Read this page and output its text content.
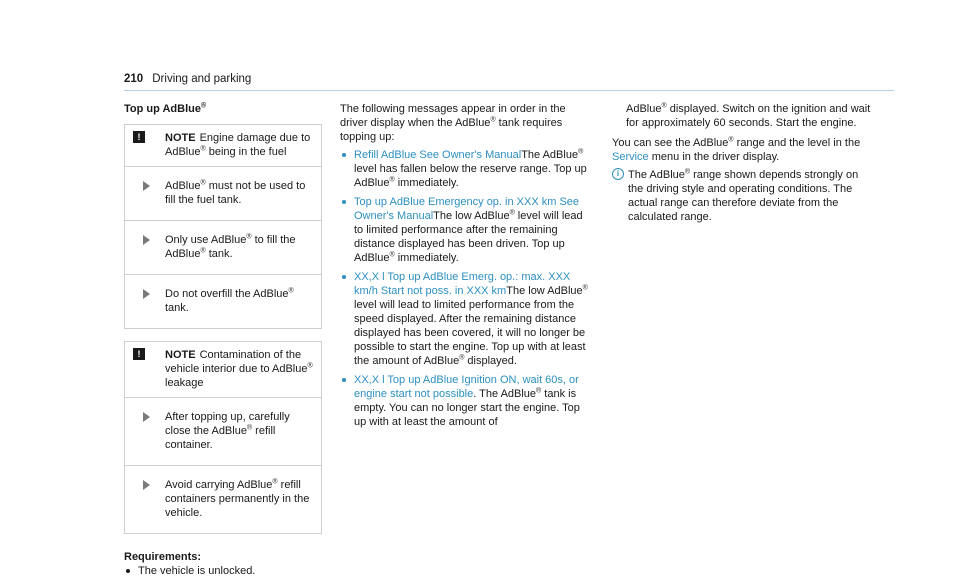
210 Driving and parking
Top up AdBlue®
!	NOTE Engine damage due to AdBlue® being in the fuel
AdBlue® must not be used to fill the fuel tank.
Only use AdBlue® to fill the AdBlue® tank.
Do not overfill the AdBlue® tank.
!	NOTE Contamination of the vehicle interior due to AdBlue® leakage
After topping up, carefully close the AdBlue® refill container.
Avoid carrying AdBlue® refill containers permanently in the vehicle.
Requirements:
The vehicle is unlocked.

The following messages appear in order in the driver display when the AdBlue® tank requires topping up:

Refill AdBlue See Owner's ManualThe AdBlue® level has fallen below the reserve range. Top up AdBlue® immediately.
Top up AdBlue Emergency op. in XXX km See Owner's ManualThe low AdBlue® level will lead to limited performance after the remaining distance displayed has been driven. Top up AdBlue® immediately.
XX,X l Top up AdBlue Emerg. op.: max. XXX km/h Start not poss. in XXX kmThe low AdBlue® level will lead to limited performance from the speed displayed. After the remaining distance displayed has been covered, it will no longer be possible to start the engine. Top up with at least the amount of AdBlue® displayed.
XX,X l Top up AdBlue Ignition ON, wait 60s, or engine start not possible. The AdBlue® tank is empty. You can no longer start the engine. Top up with at least the amount of

AdBlue® displayed. Switch on the ignition and wait for approximately 60 seconds. Start the engine.

You can see the AdBlue® range and the level in the Service menu in the driver display.

i The AdBlue® range shown depends strongly on the driving style and operating conditions. The actual range can therefore deviate from the calculated range.
